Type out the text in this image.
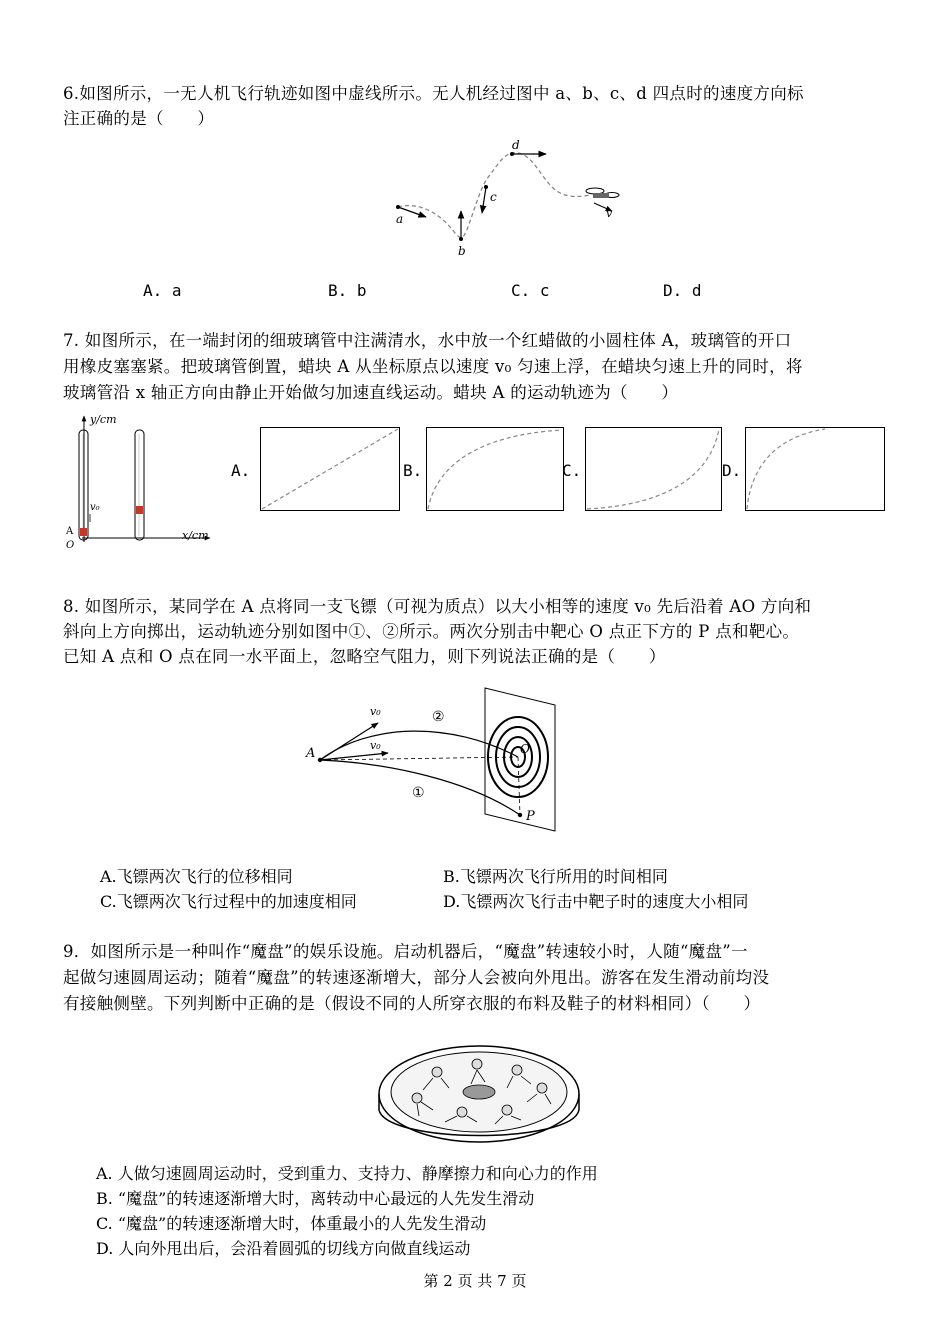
6.如图所示，一无人机飞行轨迹如图中虚线所示。无人机经过图中 a、b、c、d 四点时的速度方向标
注正确的是（　　）
a
b
c
d
v
A. a	B. b	C. c	D. d
7. 如图所示，在一端封闭的细玻璃管中注满清水，水中放一个红蜡做的小圆柱体 A，玻璃管的开口
用橡皮塞塞紧。把玻璃管倒置，蜡块 A 从坐标原点以速度 v₀ 匀速上浮，在蜡块匀速上升的同时，将
玻璃管沿 x 轴正方向由静止开始做匀加速直线运动。蜡块 A 的运动轨迹为（　　）
y/cm
x/cm
v₀
A
O
A.	B.	C.	D.
8. 如图所示，某同学在 A 点将同一支飞镖（可视为质点）以大小相等的速度 v₀ 先后沿着 AO 方向和
斜向上方向掷出，运动轨迹分别如图中①、②所示。两次分别击中靶心 O 点正下方的 P 点和靶心。
已知 A 点和 O 点在同一水平面上，忽略空气阻力，则下列说法正确的是（　　）
A	O
P
v₀
v₀
②
①
A.飞镖两次飞行的位移相同	B.飞镖两次飞行所用的时间相同
C.飞镖两次飞行过程中的加速度相同	D.飞镖两次飞行击中靶子时的速度大小相同
9．如图所示是一种叫作“魔盘”的娱乐设施。启动机器后，“魔盘”转速较小时，人随“魔盘”一
起做匀速圆周运动；随着“魔盘”的转速逐渐增大，部分人会被向外甩出。游客在发生滑动前均没
有接触侧壁。下列判断中正确的是（假设不同的人所穿衣服的布料及鞋子的材料相同）（　　）
A. 人做匀速圆周运动时，受到重力、支持力、静摩擦力和向心力的作用
B. “魔盘”的转速逐渐增大时，离转动中心最远的人先发生滑动
C. “魔盘”的转速逐渐增大时，体重最小的人先发生滑动
D. 人向外甩出后，会沿着圆弧的切线方向做直线运动
第 2 页 共 7 页
